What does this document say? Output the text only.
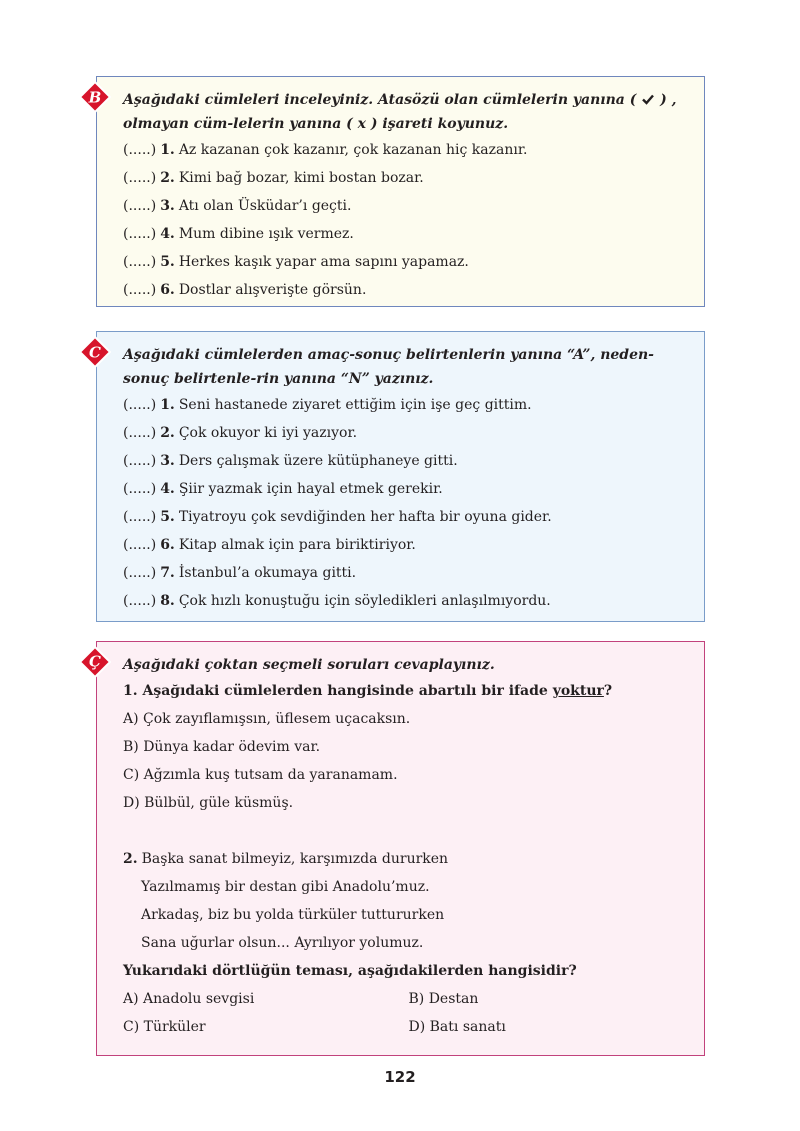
B Aşağıdaki cümleleri inceleyiniz. Atasözü olan cümlelerin yanına ( ) , olmayan cüm-lelerin yanına ( x ) işareti koyunuz.

(.....) 1. Az kazanan çok kazanır, çok kazanan hiç kazanır.
(.....) 2. Kimi bağ bozar, kimi bostan bozar.
(.....) 3. Atı olan Üsküdar’ı geçti.
(.....) 4. Mum dibine ışık vermez.
(.....) 5. Herkes kaşık yapar ama sapını yapamaz.
(.....) 6. Dostlar alışverişte görsün.
C Aşağıdaki cümlelerden amaç-sonuç belirtenlerin yanına “A”, neden-sonuç belirtenle-rin yanına “N” yazınız.

(.....) 1. Seni hastanede ziyaret ettiğim için işe geç gittim.
(.....) 2. Çok okuyor ki iyi yazıyor.
(.....) 3. Ders çalışmak üzere kütüphaneye gitti.
(.....) 4. Şiir yazmak için hayal etmek gerekir.
(.....) 5. Tiyatroyu çok sevdiğinden her hafta bir oyuna gider.
(.....) 6. Kitap almak için para biriktiriyor.
(.....) 7. İstanbul’a okumaya gitti.
(.....) 8. Çok hızlı konuştuğu için söyledikleri anlaşılmıyordu.
Ç Aşağıdaki çoktan seçmeli soruları cevaplayınız.

1. Aşağıdaki cümlelerden hangisinde abartılı bir ifade yoktur?
A) Çok zayıflamışsın, üflesem uçacaksın.
B) Dünya kadar ödevim var.
C) Ağzımla kuş tutsam da yaranamam.
D) Bülbül, güle küsmüş.
2. Başka sanat bilmeyiz, karşımızda dururken
Yazılmamış bir destan gibi Anadolu’muz.
Arkadaş, biz bu yolda türküler tuttururken
Sana uğurlar olsun... Ayrılıyor yolumuz.
Yukarıdaki dörtlüğün teması, aşağıdakilerden hangisidir?
A) Anadolu sevgisi	B) Destan
C) Türküler	D) Batı sanatı
122
